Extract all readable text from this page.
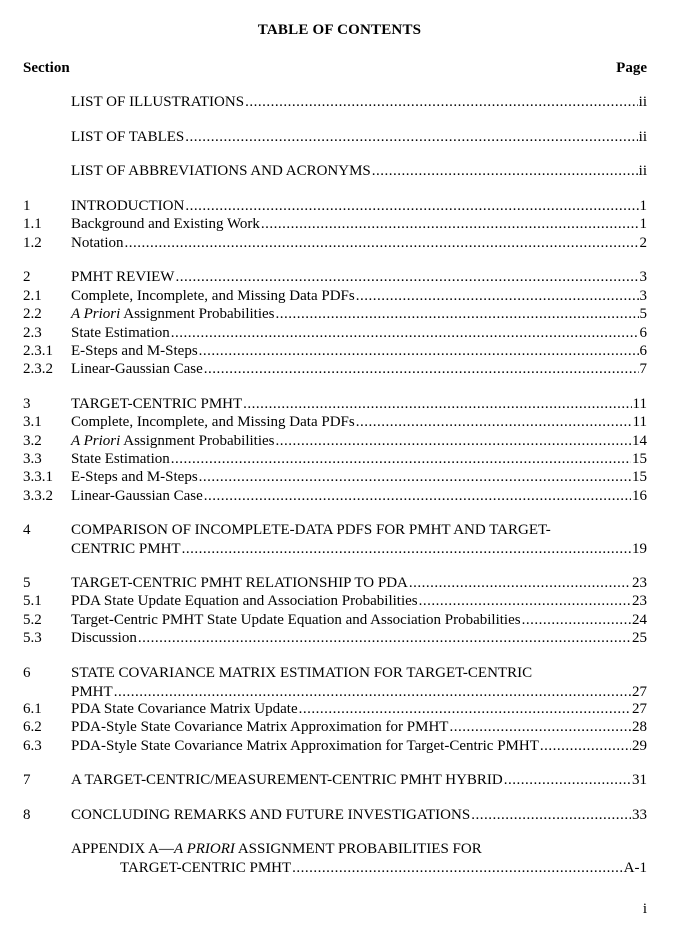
TABLE OF CONTENTS
Section	Page
LIST OF ILLUSTRATIONS .....	ii
LIST OF TABLES .....	ii
LIST OF ABBREVIATIONS AND ACRONYMS .....	ii
1	INTRODUCTION .....	1
1.1 Background and Existing Work .....	1
1.2 Notation .....	2
2	PMHT REVIEW .....	3
2.1 Complete, Incomplete, and Missing Data PDFs .....	3
2.2 A Priori Assignment Probabilities .....	5
2.3 State Estimation .....	6
2.3.1 E-Steps and M-Steps .....	6
2.3.2 Linear-Gaussian Case .....	7
3	TARGET-CENTRIC PMHT .....	11
3.1 Complete, Incomplete, and Missing Data PDFs .....	11
3.2 A Priori Assignment Probabilities .....	14
3.3 State Estimation .....	15
3.3.1 E-Steps and M-Steps .....	15
3.3.2 Linear-Gaussian Case .....	16
4	COMPARISON OF INCOMPLETE-DATA PDFS FOR PMHT AND TARGET-
CENTRIC PMHT .....	19
5	TARGET-CENTRIC PMHT RELATIONSHIP TO PDA .....	23
5.1 PDA State Update Equation and Association Probabilities .....	23
5.2 Target-Centric PMHT State Update Equation and Association Probabilities .....	24
5.3 Discussion .....	25
6	STATE COVARIANCE MATRIX ESTIMATION FOR TARGET-CENTRIC
PMHT .....	27
6.1 PDA State Covariance Matrix Update .....	27
6.2 PDA-Style State Covariance Matrix Approximation for PMHT .....	28
6.3 PDA-Style State Covariance Matrix Approximation for Target-Centric PMHT .....	29
7	A TARGET-CENTRIC/MEASUREMENT-CENTRIC PMHT HYBRID .....	31
8	CONCLUDING REMARKS AND FUTURE INVESTIGATIONS .....	33
APPENDIX A—A PRIORI ASSIGNMENT PROBABILITIES FOR
TARGET-CENTRIC PMHT .....	A-1
i
